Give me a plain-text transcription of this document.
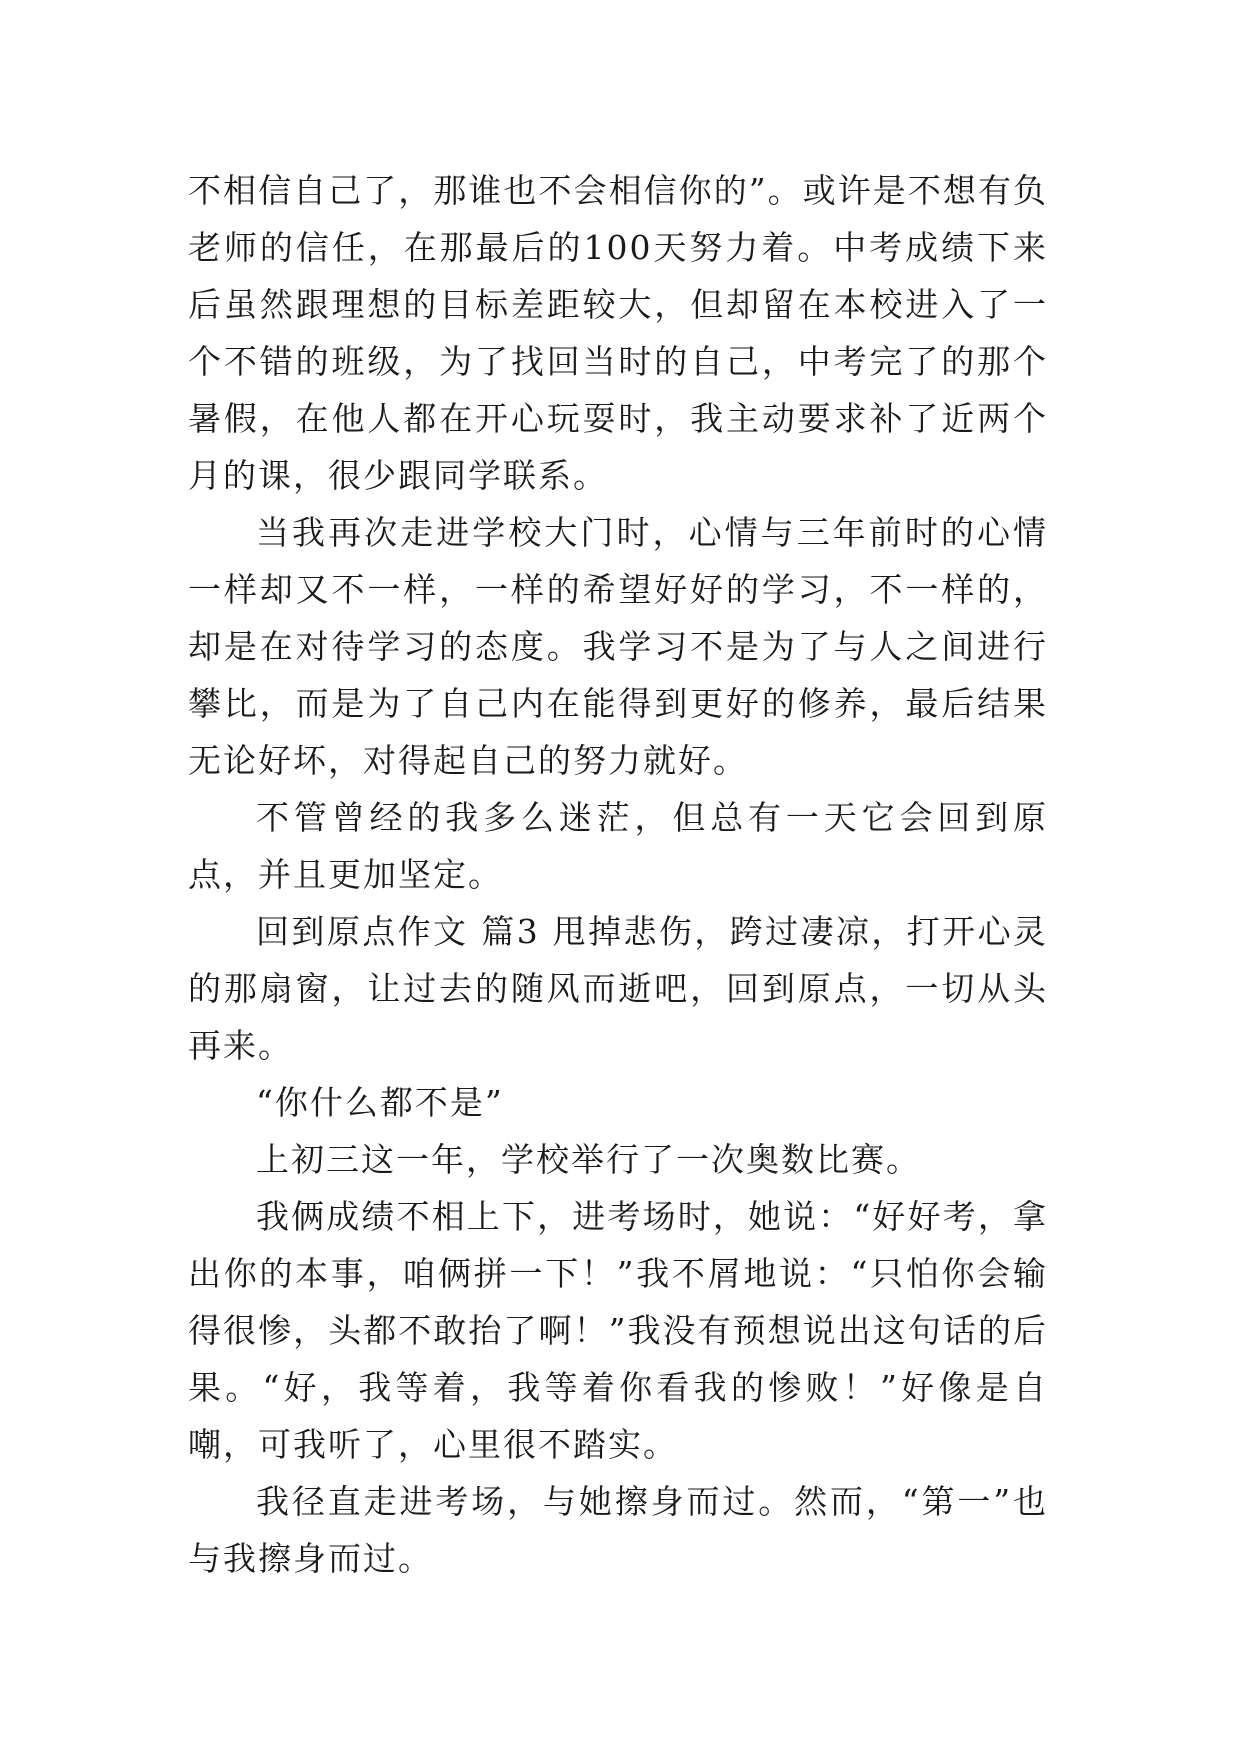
不相信自己了，那谁也不会相信你的”。或许是不想有负老师的信任，在那最后的100天努力着。中考成绩下来后虽然跟理想的目标差距较大，但却留在本校进入了一个不错的班级，为了找回当时的自己，中考完了的那个暑假，在他人都在开心玩耍时，我主动要求补了近两个月的课，很少跟同学联系。

当我再次走进学校大门时，心情与三年前时的心情一样却又不一样，一样的希望好好的学习，不一样的，却是在对待学习的态度。我学习不是为了与人之间进行攀比，而是为了自己内在能得到更好的修养，最后结果无论好坏，对得起自己的努力就好。

不管曾经的我多么迷茫，但总有一天它会回到原点，并且更加坚定。

回到原点作文 篇3 甩掉悲伤，跨过凄凉，打开心灵的那扇窗，让过去的随风而逝吧，回到原点，一切从头再来。

“你什么都不是”

上初三这一年，学校举行了一次奥数比赛。

我俩成绩不相上下，进考场时，她说：“好好考，拿出你的本事，咱俩拼一下！”我不屑地说：“只怕你会输得很惨，头都不敢抬了啊！”我没有预想说出这句话的后果。“好，我等着，我等着你看我的惨败！”好像是自嘲，可我听了，心里很不踏实。

我径直走进考场，与她擦身而过。然而，“第一”也与我擦身而过。
